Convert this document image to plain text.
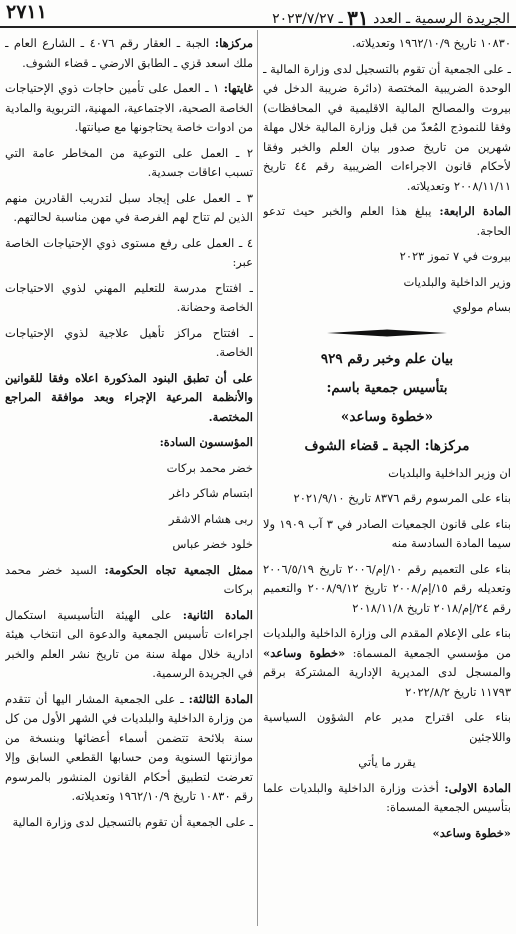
الجريدة الرسمية ـ العدد ٣١ ـ ٢٠٢٣/٧/٢٧
٢٧١١

١٠٨٣٠ تاريخ ١٩٦٢/١٠/٩ وتعديلاته.

ـ على الجمعية أن تقوم بالتسجيل لدى وزارة المالية ـ الوحدة الضريبية المختصة (دائرة ضريبة الدخل في بيروت والمصالح المالية الاقليمية في المحافظات) وفقا للنموذج المُعدّ من قبل وزارة المالية خلال مهلة شهرين من تاريخ صدور بيان العلم والخبر وفقا لأحكام قانون الاجراءات الضريبية رقم ٤٤ تاريخ ٢٠٠٨/١١/١١ وتعديلاته.

المادة الرابعة: يبلغ هذا العلم والخبر حيث تدعو الحاجة.

بيروت في ٧ تموز ٢٠٢٣

وزير الداخلية والبلديات

بسام مولوي

بيان علم وخبر رقم ٩٢٩

بتأسيس جمعية باسم:

«خطوة وساعد»

مركزها: الجبة ـ قضاء الشوف

ان وزير الداخلية والبلديات

بناء على المرسوم رقم ٨٣٧٦ تاريخ ٢٠٢١/٩/١٠

بناء على قانون الجمعيات الصادر في ٣ آب ١٩٠٩ ولا سيما المادة السادسة منه

بناء على التعميم رقم ١٠/إم/٢٠٠٦ تاريخ ٢٠٠٦/٥/١٩ وتعديله رقم ١٥/إم/٢٠٠٨ تاريخ ٢٠٠٨/٩/١٢ والتعميم رقم ٢٤/إم/٢٠١٨ تاريخ ٢٠١٨/١١/٨

بناء على الإعلام المقدم الى وزارة الداخلية والبلديات من مؤسسي الجمعية المسماة: «خطوة وساعد» والمسجل لدى المديرية الإدارية المشتركة برقم ١١٧٩٣ تاريخ ٢٠٢٢/٨/٢

بناء على اقتراح مدير عام الشؤون السياسية واللاجئين

يقرر ما يأتي

المادة الاولى: أخذت وزارة الداخلية والبلديات علما بتأسيس الجمعية المسماة:

«خطوة وساعد»

مركزها: الجبة ـ العقار رقم ٤٠٧٦ ـ الشارع العام ـ ملك اسعد قزي ـ الطابق الارضي ـ قضاء الشوف.

غايتها: ١ ـ العمل على تأمين حاجات ذوي الإحتياجات الخاصة الصحية، الاجتماعية، المهنية، التربوية والمادية من ادوات خاصة يحتاجونها مع صيانتها.

٢ ـ العمل على التوعية من المخاطر عامة التي تسبب اعاقات جسدية.

٣ ـ العمل على إيجاد سبل لتدريب القادرين منهم الذين لم تتاح لهم الفرصة في مهن مناسبة لحالتهم.

٤ ـ العمل على رفع مستوى ذوي الإحتياجات الخاصة عبر:

ـ افتتاح مدرسة للتعليم المهني لذوي الاحتياجات الخاصة وحضانة.

ـ افتتاح مراكز تأهيل علاجية لذوي الإحتياجات الخاصة.

على أن تطبق البنود المذكورة اعلاه وفقا للقوانين والأنظمة المرعية الإجراء وبعد موافقة المراجع المختصة.

المؤسسون السادة:

خضر محمد بركات

ابتسام شاكر داغر

ربى هشام الاشقر

خلود خضر عباس

ممثل الجمعية تجاه الحكومة: السيد خضر محمد بركات

المادة الثانية: على الهيئة التأسيسية استكمال اجراءات تأسيس الجمعية والدعوة الى انتخاب هيئة ادارية خلال مهلة سنة من تاريخ نشر العلم والخبر في الجريدة الرسمية.

المادة الثالثة: ـ على الجمعية المشار اليها أن تتقدم من وزارة الداخلية والبلديات في الشهر الأول من كل سنة بلائحة تتضمن أسماء أعضائها وبنسخة من موازنتها السنوية ومن حسابها القطعي السابق وإلا تعرضت لتطبيق أحكام القانون المنشور بالمرسوم رقم ١٠٨٣٠ تاريخ ١٩٦٢/١٠/٩ وتعديلاته.

ـ على الجمعية أن تقوم بالتسجيل لدى وزارة المالية
